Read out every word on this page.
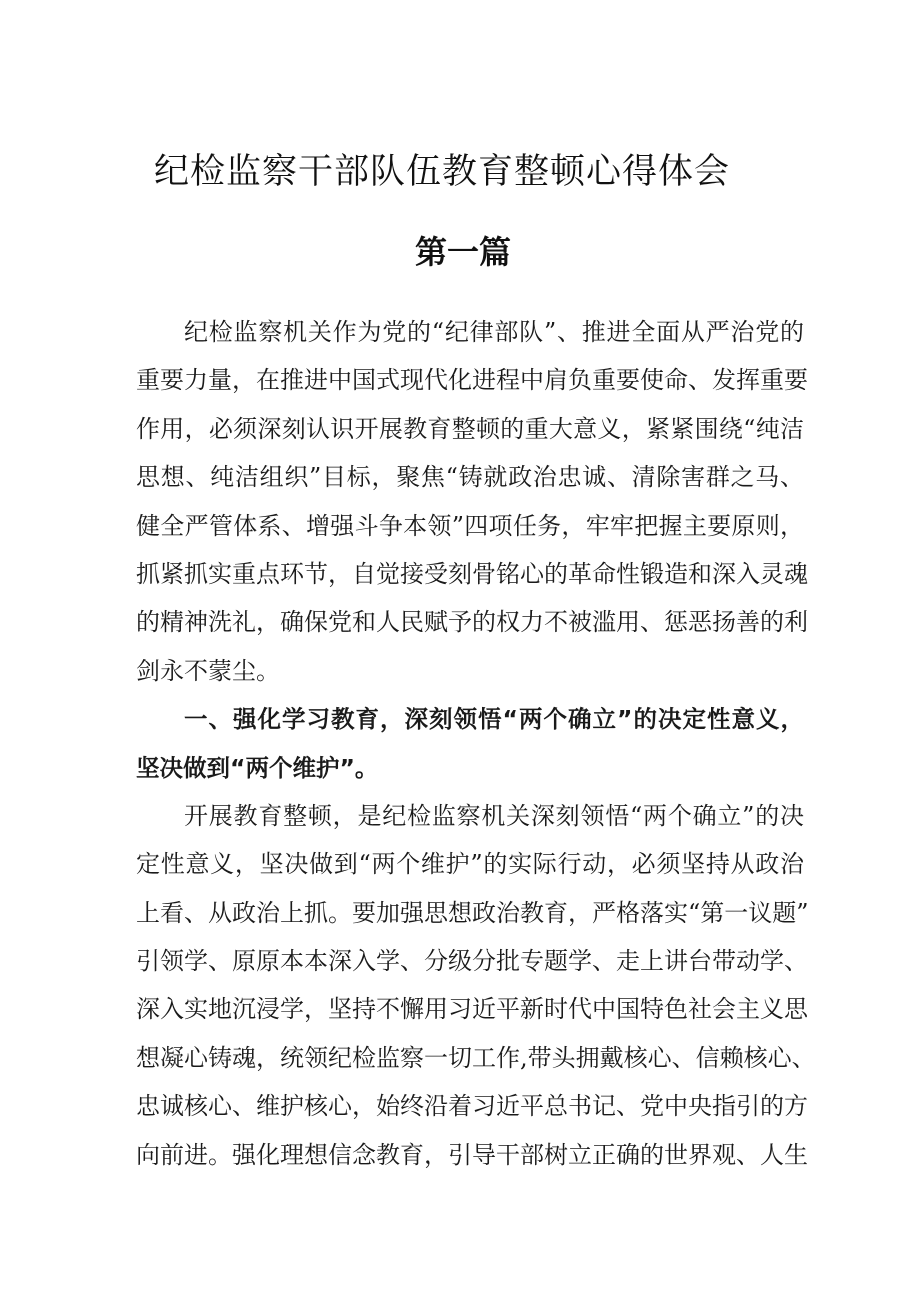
纪检监察干部队伍教育整顿心得体会
第一篇
纪检监察机关作为党的“纪律部队”、推进全面从严治党的
重要力量，在推进中国式现代化进程中肩负重要使命、发挥重要
作用，必须深刻认识开展教育整顿的重大意义，紧紧围绕“纯洁
思想、纯洁组织”目标，聚焦“铸就政治忠诚、清除害群之马、
健全严管体系、增强斗争本领”四项任务，牢牢把握主要原则，
抓紧抓实重点环节，自觉接受刻骨铭心的革命性锻造和深入灵魂
的精神洗礼，确保党和人民赋予的权力不被滥用、惩恶扬善的利
剑永不蒙尘。
一、强化学习教育，深刻领悟“两个确立”的决定性意义，
坚决做到“两个维护”。
开展教育整顿，是纪检监察机关深刻领悟“两个确立”的决
定性意义，坚决做到“两个维护”的实际行动，必须坚持从政治
上看、从政治上抓。要加强思想政治教育，严格落实“第一议题”
引领学、原原本本深入学、分级分批专题学、走上讲台带动学、
深入实地沉浸学，坚持不懈用习近平新时代中国特色社会主义思
想凝心铸魂，统领纪检监察一切工作,带头拥戴核心、信赖核心、
忠诚核心、维护核心，始终沿着习近平总书记、党中央指引的方
向前进。强化理想信念教育，引导干部树立正确的世界观、人生
